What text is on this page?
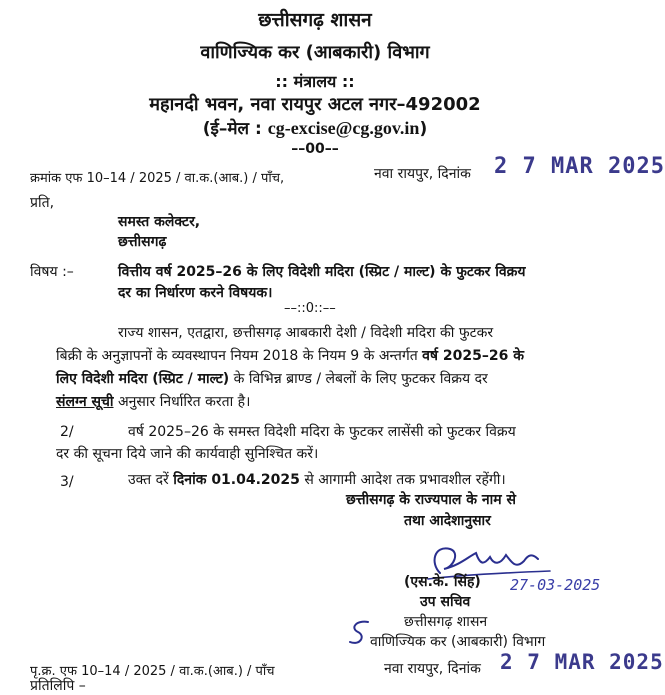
छत्तीसगढ़ शासन
वाणिज्यिक कर (आबकारी) विभाग
:: मंत्रालय ::
महानदी भवन, नवा रायपुर अटल नगर–492002
(ई–मेल : cg-excise@cg.gov.in)
––00––
क्रमांक एफ 10–14 / 2025 / वा.क.(आब.) / पाँच,	नवा रायपुर, दिनांक 2 7 MAR 2025
प्रति,
समस्त कलेक्टर,
छत्तीसगढ़
विषय :–	वित्तीय वर्ष 2025–26 के लिए विदेशी मदिरा (स्प्रिट / माल्ट) के फुटकर विक्रय
दर का निर्धारण करने विषयक।
––::0::––
राज्य शासन, एतद्वारा, छत्तीसगढ़ आबकारी देशी / विदेशी मदिरा की फुटकर
बिक्री के अनुज्ञापनों के व्यवस्थापन नियम 2018 के नियम 9 के अन्तर्गत वर्ष 2025–26 के
लिए विदेशी मदिरा (स्प्रिट / माल्ट) के विभिन्न ब्राण्ड / लेबलों के लिए फुटकर विक्रय दर
संलग्न सूची अनुसार निर्धारित करता है।
2/	वर्ष 2025–26 के समस्त विदेशी मदिरा के फुटकर लासेंसी को फुटकर विक्रय
दर की सूचना दिये जाने की कार्यवाही सुनिश्चित करें।
3/	उक्त दरें दिनांक 01.04.2025 से आगामी आदेश तक प्रभावशील रहेंगी।
छत्तीसगढ़ के राज्यपाल के नाम से
तथा आदेशानुसार
(एस.के. सिंह) 27-03-2025
उप सचिव
छत्तीसगढ़ शासन
वाणिज्यिक कर (आबकारी) विभाग
पृ.क्र. एफ 10–14 / 2025 / वा.क.(आब.) / पाँच	नवा रायपुर, दिनांक 2 7 MAR 2025
प्रतिलिपि –
